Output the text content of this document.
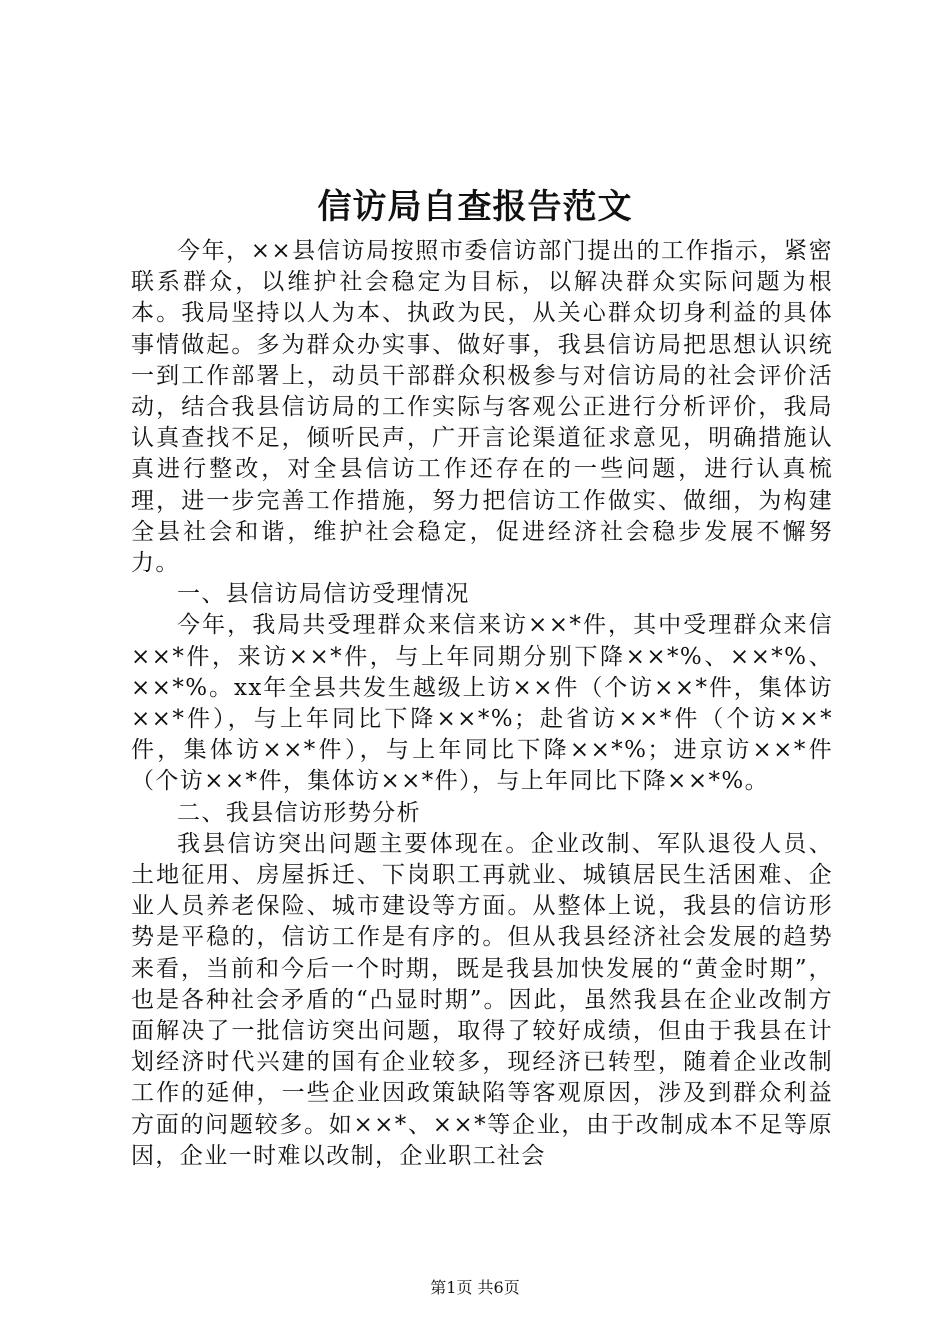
信访局自查报告范文

今年，××县信访局按照市委信访部门提出的工作指示，紧密联系群众，以维护社会稳定为目标，以解决群众实际问题为根本。我局坚持以人为本、执政为民，从关心群众切身利益的具体事情做起。多为群众办实事、做好事，我县信访局把思想认识统一到工作部署上，动员干部群众积极参与对信访局的社会评价活动，结合我县信访局的工作实际与客观公正进行分析评价，我局认真查找不足，倾听民声，广开言论渠道征求意见，明确措施认真进行整改，对全县信访工作还存在的一些问题，进行认真梳理，进一步完善工作措施，努力把信访工作做实、做细，为构建全县社会和谐，维护社会稳定，促进经济社会稳步发展不懈努力。

一、县信访局信访受理情况

今年，我局共受理群众来信来访××*件，其中受理群众来信××*件，来访××*件，与上年同期分别下降××*%、××*%、××*%。xx年全县共发生越级上访××件（个访××*件，集体访××*件），与上年同比下降××*%；赴省访××*件（个访××*件，集体访××*件），与上年同比下降××*%；进京访××*件（个访××*件，集体访××*件），与上年同比下降××*%。

二、我县信访形势分析

我县信访突出问题主要体现在。企业改制、军队退役人员、土地征用、房屋拆迁、下岗职工再就业、城镇居民生活困难、企业人员养老保险、城市建设等方面。从整体上说，我县的信访形势是平稳的，信访工作是有序的。但从我县经济社会发展的趋势来看，当前和今后一个时期，既是我县加快发展的“黄金时期”，也是各种社会矛盾的“凸显时期”。因此，虽然我县在企业改制方面解决了一批信访突出问题，取得了较好成绩，但由于我县在计划经济时代兴建的国有企业较多，现经济已转型，随着企业改制工作的延伸，一些企业因政策缺陷等客观原因，涉及到群众利益方面的问题较多。如××*、××*等企业，由于改制成本不足等原因，企业一时难以改制，企业职工社会

第1页 共6页
